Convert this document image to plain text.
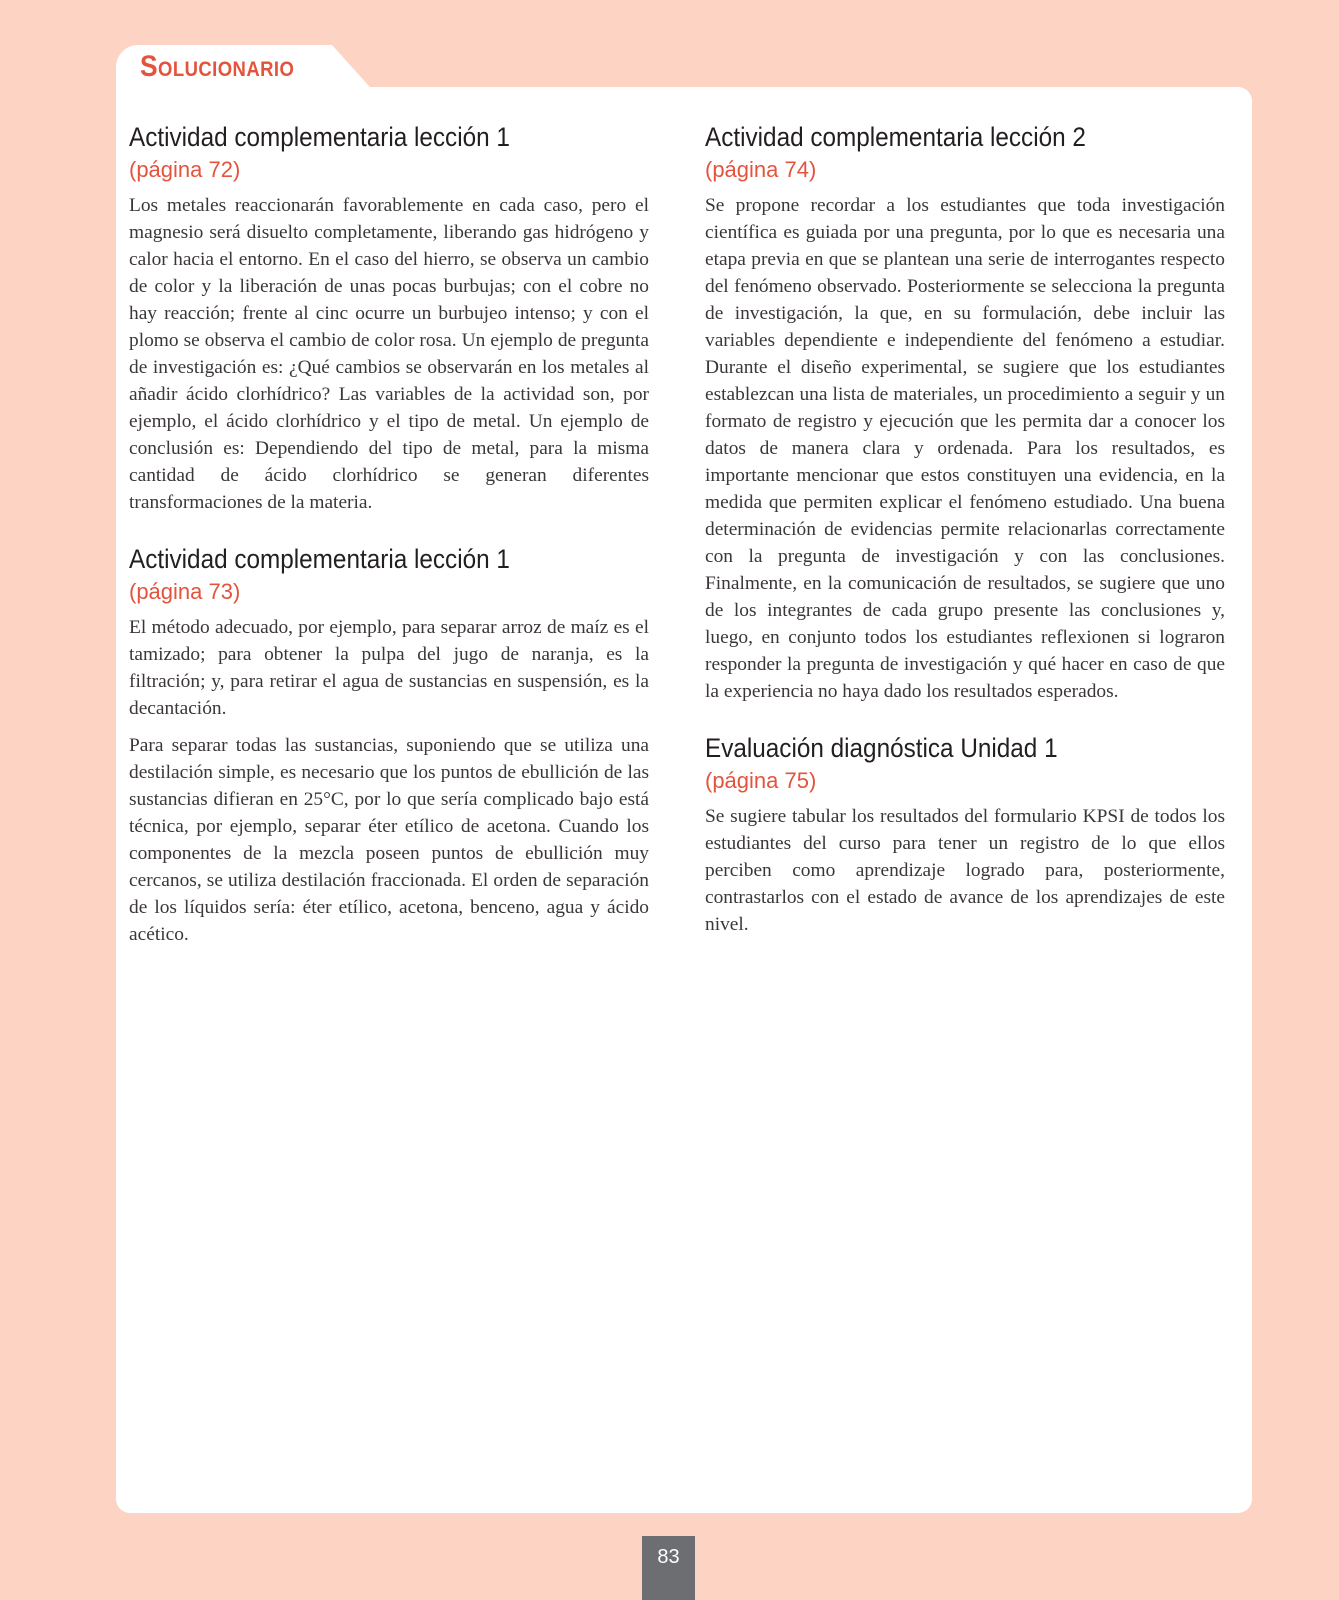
Solucionario
Actividad complementaria lección 1
(página 72)

Los metales reaccionarán favorablemente en cada caso, pero el magnesio será disuelto completamente, liberando gas hidrógeno y calor hacia el entorno. En el caso del hierro, se observa un cambio de color y la liberación de unas pocas burbujas; con el cobre no hay reacción; frente al cinc ocurre un burbujeo intenso; y con el plomo se observa el cambio de color rosa. Un ejemplo de pregunta de investigación es: ¿Qué cambios se observarán en los metales al añadir ácido clorhídrico? Las variables de la actividad son, por ejemplo, el ácido clorhídrico y el tipo de metal. Un ejemplo de conclusión es: Dependiendo del tipo de metal, para la misma cantidad de ácido clorhídrico se generan diferentes transformaciones de la materia.

Actividad complementaria lección 1
(página 73)

El método adecuado, por ejemplo, para separar arroz de maíz es el tamizado; para obtener la pulpa del jugo de naranja, es la filtración; y, para retirar el agua de sustancias en suspensión, es la decantación.

Para separar todas las sustancias, suponiendo que se utiliza una destilación simple, es necesario que los puntos de ebullición de las sustancias difieran en 25°C, por lo que sería complicado bajo está técnica, por ejemplo, separar éter etílico de acetona. Cuando los componentes de la mezcla poseen puntos de ebullición muy cercanos, se utiliza destilación fraccionada. El orden de separación de los líquidos sería: éter etílico, acetona, benceno, agua y ácido acético.

Actividad complementaria lección 2
(página 74)

Se propone recordar a los estudiantes que toda investigación científica es guiada por una pregunta, por lo que es necesaria una etapa previa en que se plantean una serie de interrogantes respecto del fenómeno observado. Posteriormente se selecciona la pregunta de investigación, la que, en su formulación, debe incluir las variables dependiente e independiente del fenómeno a estudiar. Durante el diseño experimental, se sugiere que los estudiantes establezcan una lista de materiales, un procedimiento a seguir y un formato de registro y ejecución que les permita dar a conocer los datos de manera clara y ordenada. Para los resultados, es importante mencionar que estos constituyen una evidencia, en la medida que permiten explicar el fenómeno estudiado. Una buena determinación de evidencias permite relacionarlas correctamente con la pregunta de investigación y con las conclusiones. Finalmente, en la comunicación de resultados, se sugiere que uno de los integrantes de cada grupo presente las conclusiones y, luego, en conjunto todos los estudiantes reflexionen si lograron responder la pregunta de investigación y qué hacer en caso de que la experiencia no haya dado los resultados esperados.

Evaluación diagnóstica Unidad 1
(página 75)

Se sugiere tabular los resultados del formulario KPSI de todos los estudiantes del curso para tener un registro de lo que ellos perciben como aprendizaje logrado para, posteriormente, contrastarlos con el estado de avance de los aprendizajes de este nivel.

83
